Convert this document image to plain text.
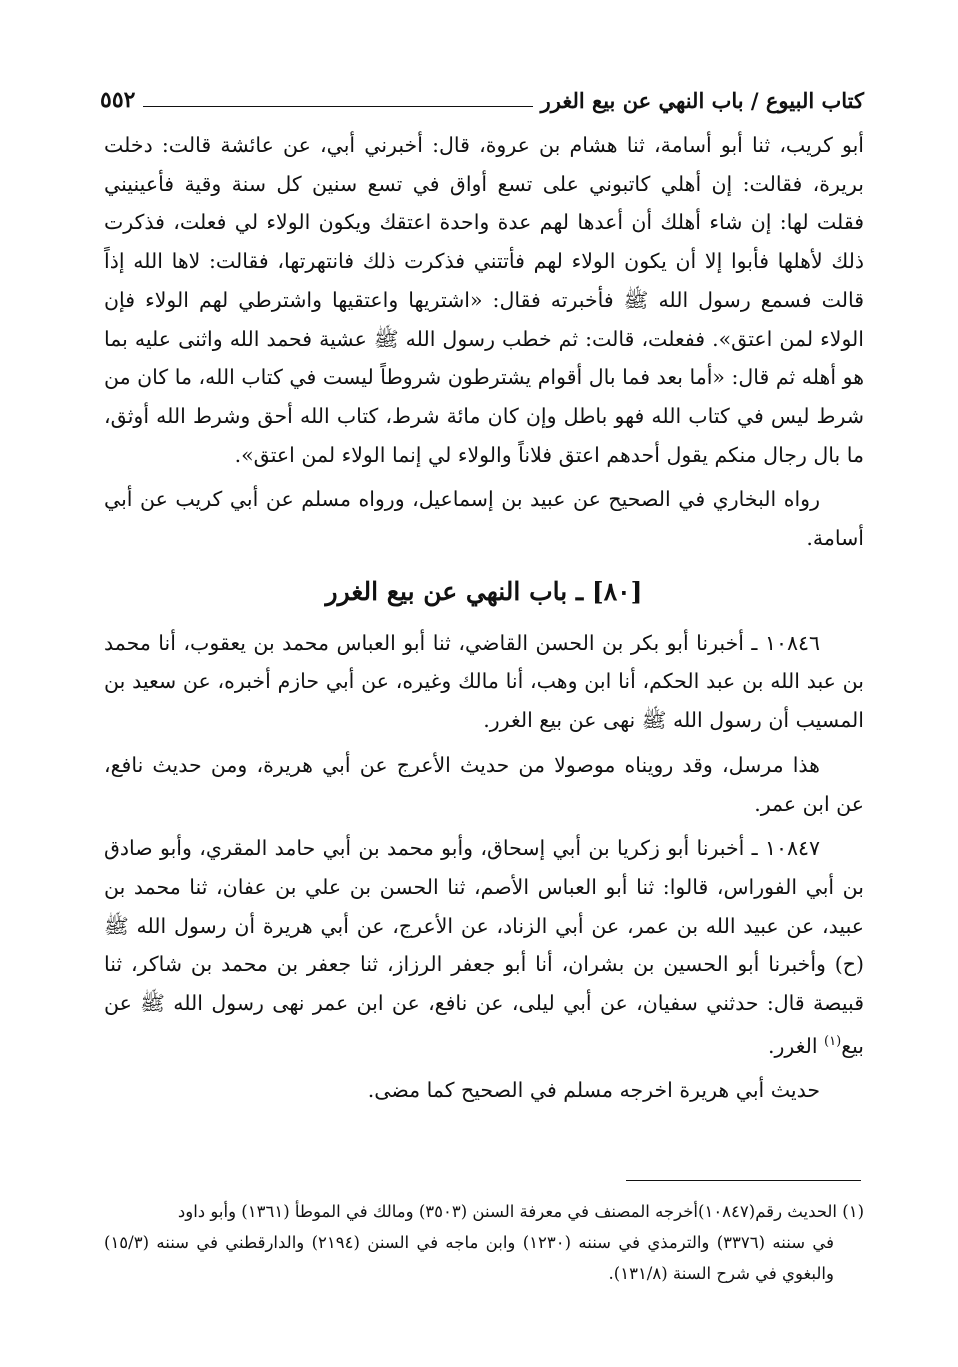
كتاب البيوع / باب النهي عن بيع الغرر
٥٥٢

أبو كريب، ثنا أبو أسامة، ثنا هشام بن عروة، قال: أخبرني أبي، عن عائشة قالت: دخلت بريرة، فقالت: إن أهلي كاتبوني على تسع أواق في تسع سنين كل سنة وقية فأعينيني فقلت لها: إن شاء أهلك أن أعدها لهم عدة واحدة اعتقك ويكون الولاء لي فعلت، فذكرت ذلك لأهلها فأبوا إلا أن يكون الولاء لهم فأتتني فذكرت ذلك فانتهرتها، فقالت: لاها الله إذاً قالت فسمع رسول الله ﷺ فأخبرته فقال: «اشتريها واعتقيها واشترطي لهم الولاء فإن الولاء لمن اعتق». ففعلت، قالت: ثم خطب رسول الله ﷺ عشية فحمد الله واثنى عليه بما هو أهله ثم قال: «أما بعد فما بال أقوام يشترطون شروطاً ليست في كتاب الله، ما كان من شرط ليس في كتاب الله فهو باطل وإن كان مائة شرط، كتاب الله أحق وشرط الله أوثق، ما بال رجال منكم يقول أحدهم اعتق فلاناً والولاء لي إنما الولاء لمن اعتق».

رواه البخاري في الصحيح عن عبيد بن إسماعيل، ورواه مسلم عن أبي كريب عن أبي أسامة.

[٨٠] ـ باب النهي عن بيع الغرر

١٠٨٤٦ ـ أخبرنا أبو بكر بن الحسن القاضي، ثنا أبو العباس محمد بن يعقوب، أنا محمد بن عبد الله بن عبد الحكم، أنا ابن وهب، أنا مالك وغيره، عن أبي حازم أخبره، عن سعيد بن المسيب أن رسول الله ﷺ نهى عن بيع الغرر.

هذا مرسل، وقد رويناه موصولا من حديث الأعرج عن أبي هريرة، ومن حديث نافع، عن ابن عمر.

١٠٨٤٧ ـ أخبرنا أبو زكريا بن أبي إسحاق، وأبو محمد بن أبي حامد المقري، وأبو صادق بن أبي الفوراس، قالوا: ثنا أبو العباس الأصم، ثنا الحسن بن علي بن عفان، ثنا محمد بن عبيد، عن عبيد الله بن عمر، عن أبي الزناد، عن الأعرج، عن أبي هريرة أن رسول الله ﷺ (ح) وأخبرنا أبو الحسين بن بشران، أنا أبو جعفر الرزاز، ثنا جعفر بن محمد بن شاكر، ثنا قبيصة قال: حدثني سفيان، عن أبي ليلى، عن نافع، عن ابن عمر نهى رسول الله ﷺ عن بيع$^{(١)}$ الغرر.

حديث أبي هريرة اخرجه مسلم في الصحيح كما مضى.

(١) الحديث رقم(١٠٨٤٧)أخرجه المصنف في معرفة السنن (٣٥٠٣) ومالك في الموطأ (١٣٦١) وأبو داود
في سننه (٣٣٧٦) والترمذي في سننه (١٢٣٠) وابن ماجه في السنن (٢١٩٤) والدارقطني في سننه (١٥/٣) والبغوي في شرح السنة (١٣١/٨).
